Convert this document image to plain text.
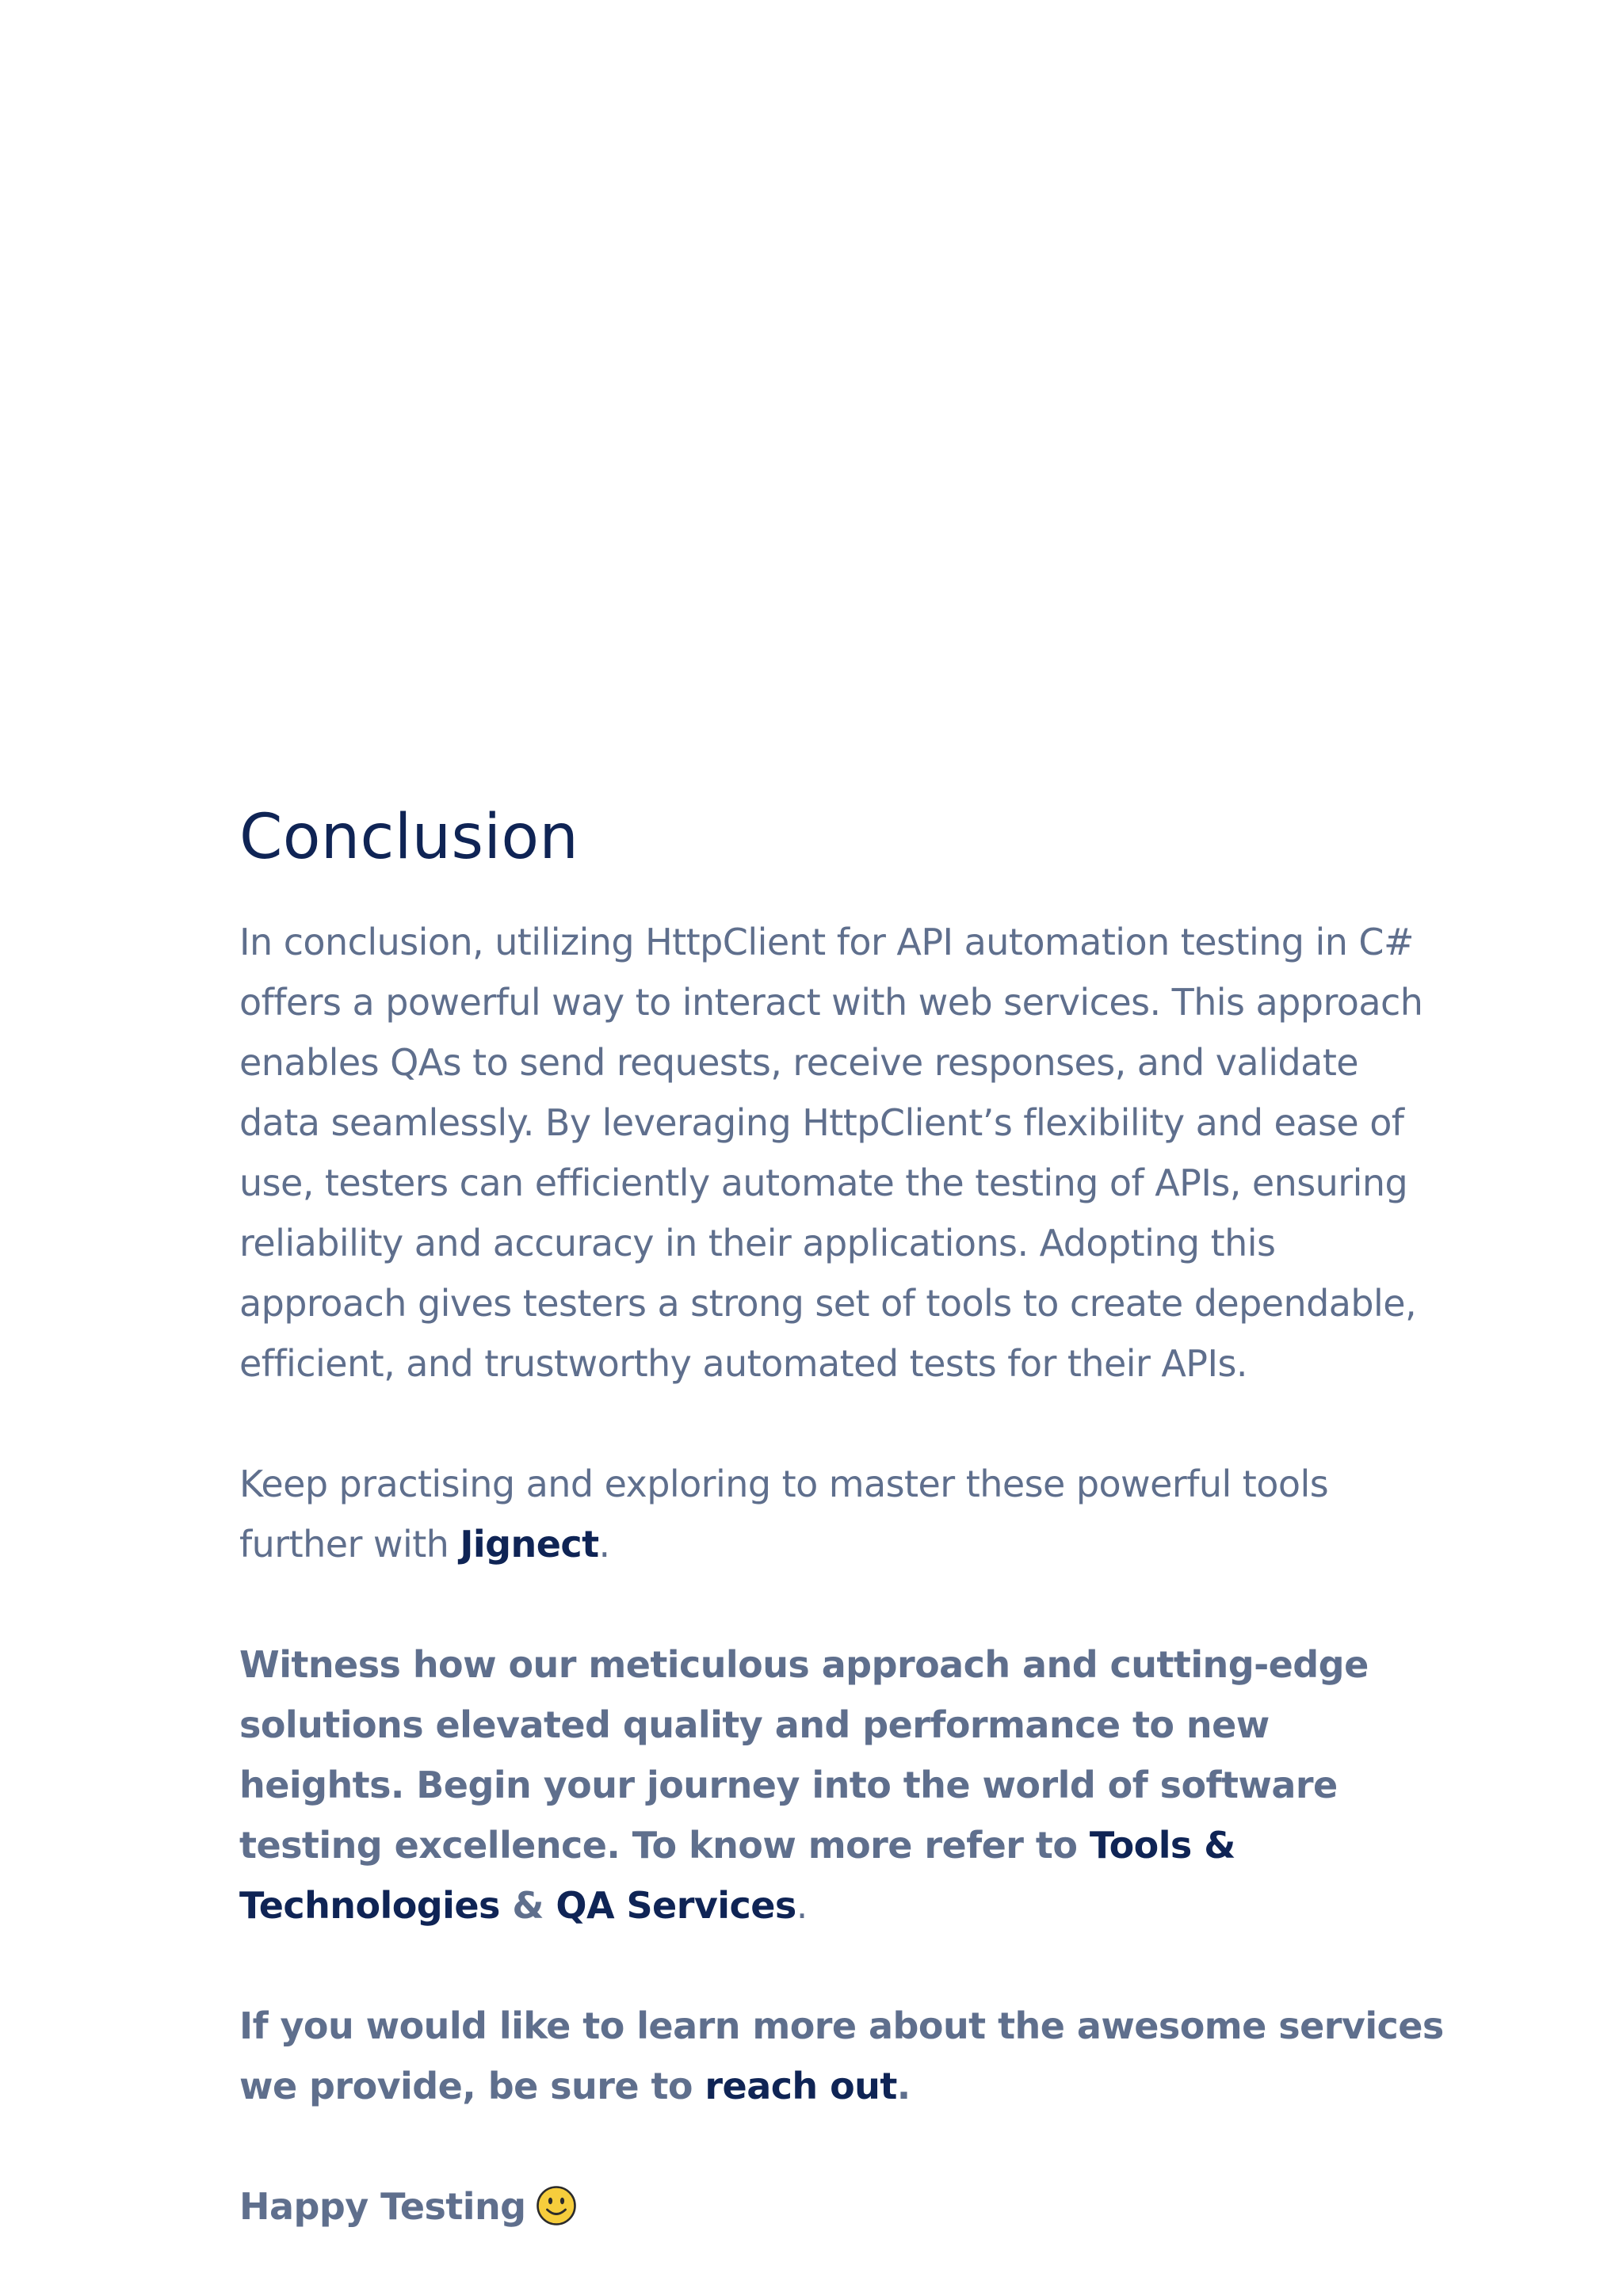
Conclusion

In conclusion, utilizing HttpClient for API automation testing in C# offers a powerful way to interact with web services. This approach enables QAs to send requests, receive responses, and validate data seamlessly. By leveraging HttpClient’s flexibility and ease of use, testers can efficiently automate the testing of APIs, ensuring reliability and accuracy in their applications. Adopting this approach gives testers a strong set of tools to create dependable, efficient, and trustworthy automated tests for their APIs.

Keep practising and exploring to master these powerful tools further with Jignect.

Witness how our meticulous approach and cutting-edge solutions elevated quality and performance to new heights. Begin your journey into the world of software testing excellence. To know more refer to Tools & Technologies & QA Services.

If you would like to learn more about the awesome services we provide, be sure to reach out.

Happy Testing
